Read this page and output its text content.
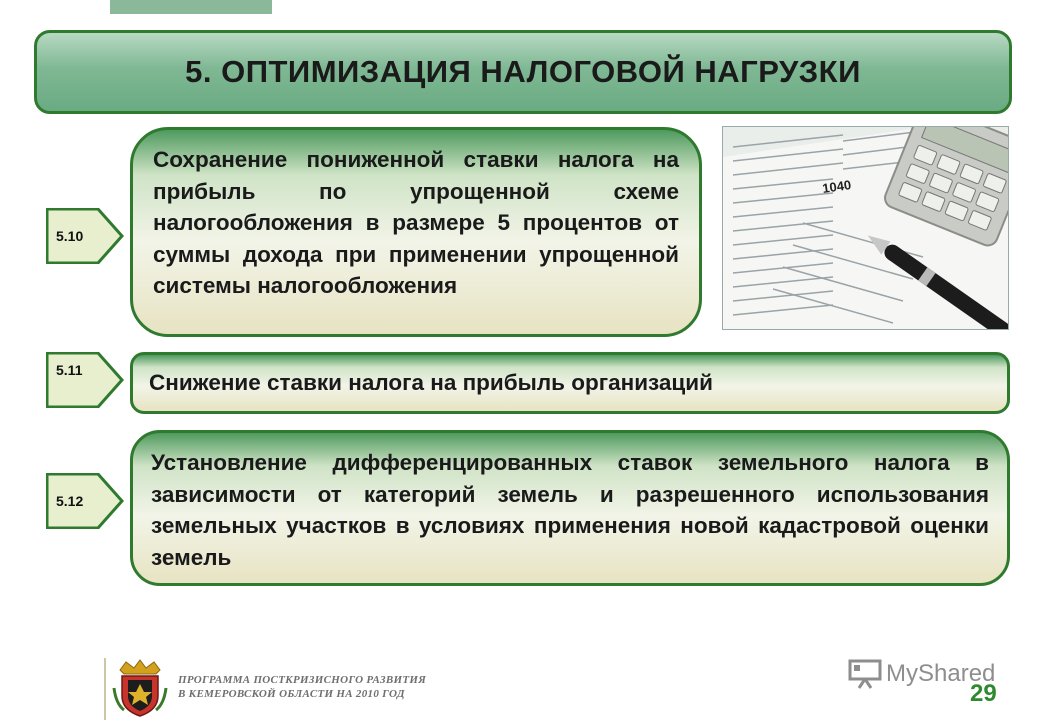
5. ОПТИМИЗАЦИЯ НАЛОГОВОЙ НАГРУЗКИ
5.10
Сохранение пониженной ставки налога на прибыль по упрощенной схеме налогообложения в размере 5 процентов от суммы дохода при применении упрощенной системы налогообложения
1040
5.11	Снижение ставки налога на прибыль организаций
5.12
Установление дифференцированных ставок земельного налога в зависимости от категорий земель и разрешенного использования земельных участков в условиях применения новой кадастровой оценки земель
ПРОГРАММА ПОСТКРИЗИСНОГО РАЗВИТИЯ
В КЕМЕРОВСКОЙ ОБЛАСТИ НА 2010 ГОД
MyShared
29
